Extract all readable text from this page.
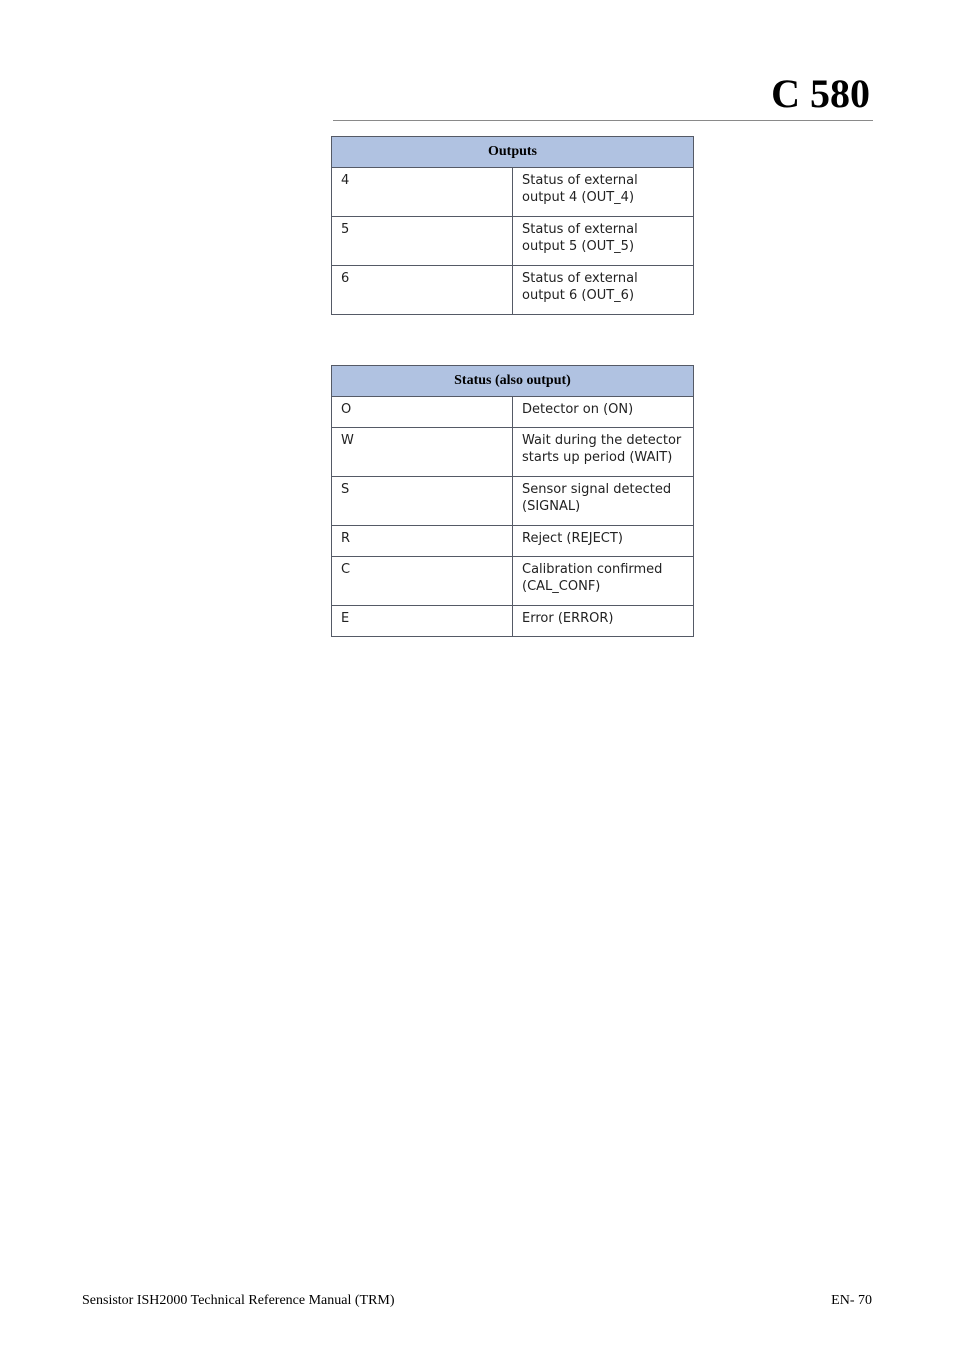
C 580
Outputs	
4	Status of external output 4 (OUT_4)
5	Status of external output 5 (OUT_5)
6	Status of external output 6 (OUT_6)
Status (also output)	
O	Detector on (ON)
W	Wait during the detector starts up period (WAIT)
S	Sensor signal detected (SIGNAL)
R	Reject (REJECT)
C	Calibration confirmed (CAL_CONF)
E	Error (ERROR)
Sensistor ISH2000 Technical Reference Manual (TRM)	EN- 70
